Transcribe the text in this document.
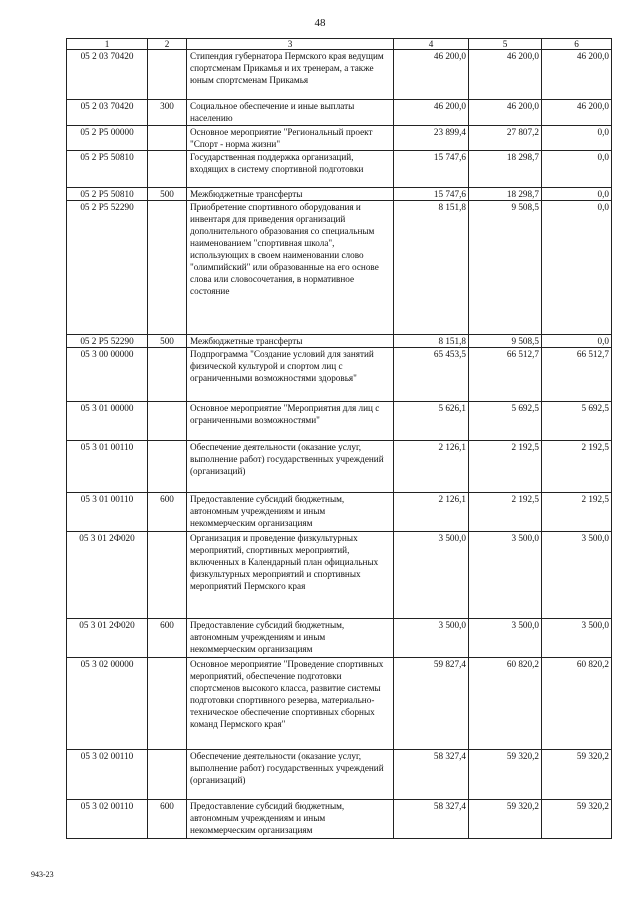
48
1	2	3	4	5	6
05 2 03 70420		Стипендия губернатора Пермского края ведущим спортсменам Прикамья и их тренерам, а также юным спортсменам Прикамья	46 200,0	46 200,0	46 200,0
05 2 03 70420	300	Социальное обеспечение и иные выплаты населению	46 200,0	46 200,0	46 200,0
05 2 P5 00000		Основное мероприятие "Региональный проект "Спорт - норма жизни"	23 899,4	27 807,2	0,0
05 2 P5 50810		Государственная поддержка организаций, входящих в систему спортивной подготовки	15 747,6	18 298,7	0,0
05 2 P5 50810	500	Межбюджетные трансферты	15 747,6	18 298,7	0,0
05 2 P5 52290		Приобретение спортивного оборудования и инвентаря для приведения организаций дополнительного образования со специальным наименованием "спортивная школа", использующих в своем наименовании слово "олимпийский" или образованные на его основе слова или словосочетания, в нормативное состояние	8 151,8	9 508,5	0,0
05 2 P5 52290	500	Межбюджетные трансферты	8 151,8	9 508,5	0,0
05 3 00 00000		Подпрограмма "Создание условий для занятий физической культурой и спортом лиц с ограниченными возможностями здоровья"	65 453,5	66 512,7	66 512,7
05 3 01 00000		Основное мероприятие "Мероприятия для лиц с ограниченными возможностями"	5 626,1	5 692,5	5 692,5
05 3 01 00110		Обеспечение деятельности (оказание услуг, выполнение работ) государственных учреждений (организаций)	2 126,1	2 192,5	2 192,5
05 3 01 00110	600	Предоставление субсидий бюджетным, автономным учреждениям и иным некоммерческим организациям	2 126,1	2 192,5	2 192,5
05 3 01 2Ф020		Организация и проведение физкультурных мероприятий, спортивных мероприятий, включенных в Календарный план официальных физкультурных мероприятий и спортивных мероприятий Пермского края	3 500,0	3 500,0	3 500,0
05 3 01 2Ф020	600	Предоставление субсидий бюджетным, автономным учреждениям и иным некоммерческим организациям	3 500,0	3 500,0	3 500,0
05 3 02 00000		Основное мероприятие "Проведение спортивных мероприятий, обеспечение подготовки спортсменов высокого класса, развитие системы подготовки спортивного резерва, материально-техническое обеспечение спортивных сборных команд Пермского края"	59 827,4	60 820,2	60 820,2
05 3 02 00110		Обеспечение деятельности (оказание услуг, выполнение работ) государственных учреждений (организаций)	58 327,4	59 320,2	59 320,2
05 3 02 00110	600	Предоставление субсидий бюджетным, автономным учреждениям и иным некоммерческим организациям	58 327,4	59 320,2	59 320,2
943-23
